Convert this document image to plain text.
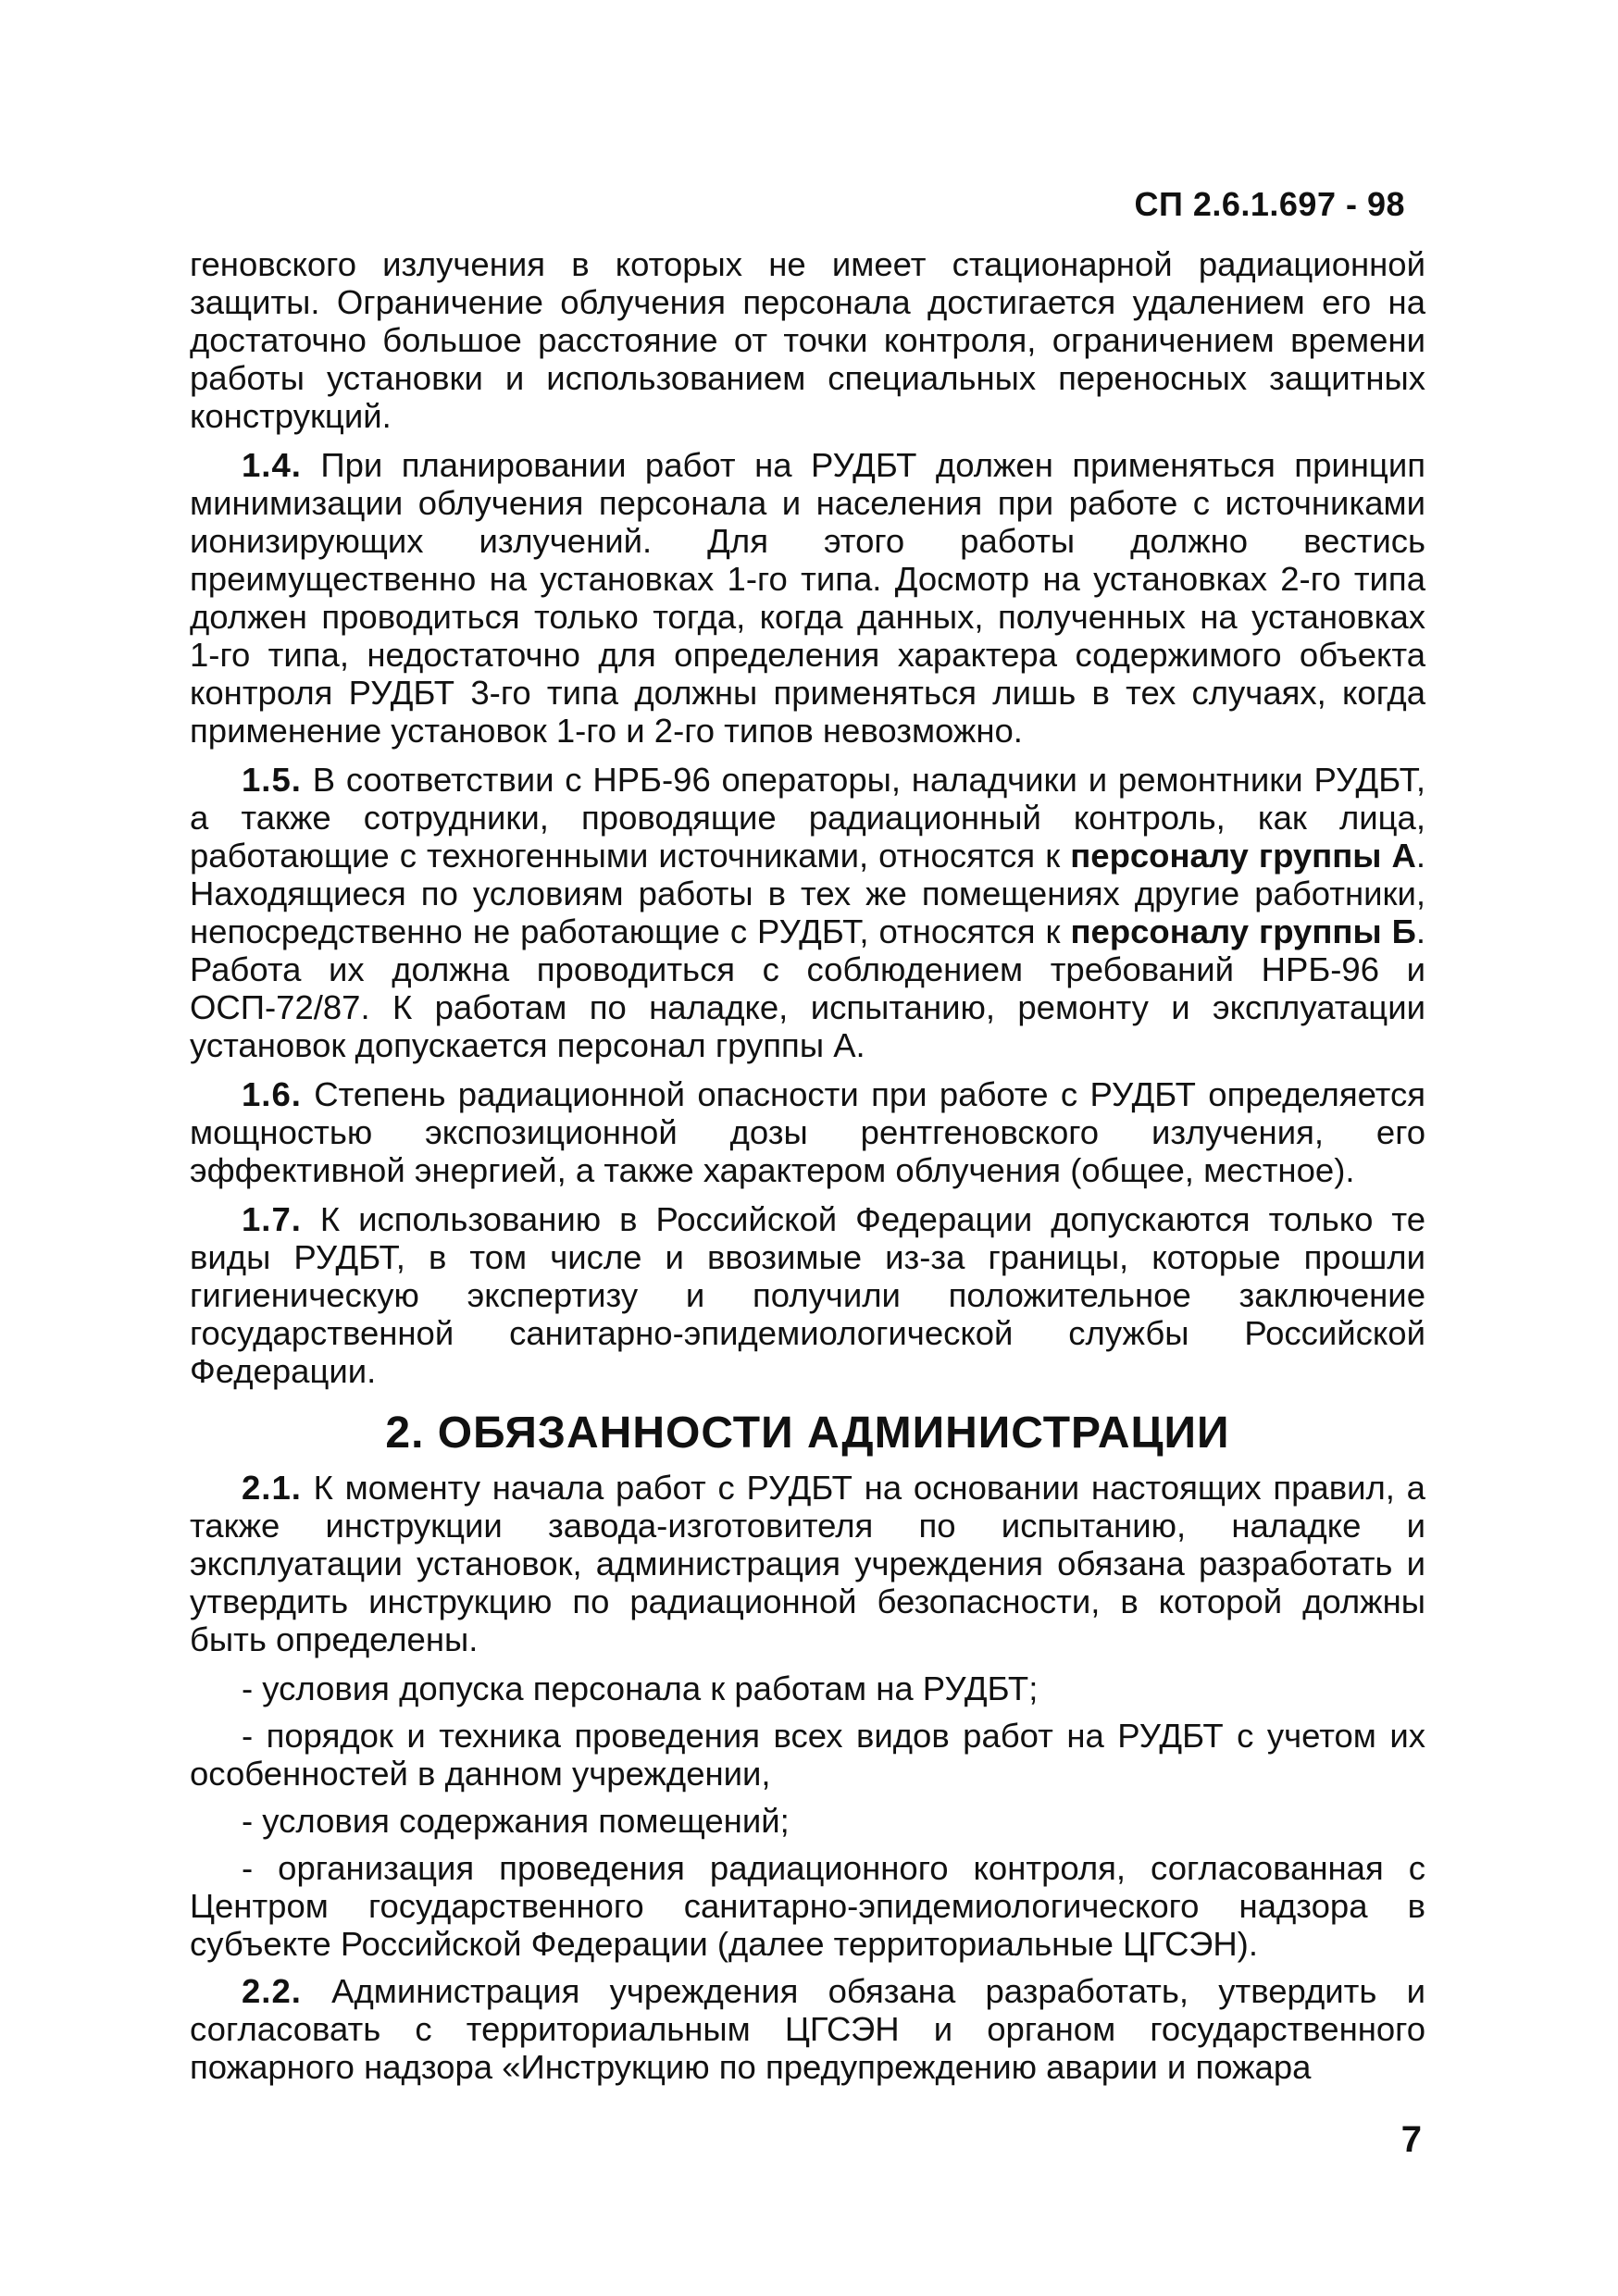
СП 2.6.1.697 - 98

геновского излучения в которых не имеет стационарной радиационной защиты. Ограничение облучения персонала достигается удалением его на достаточно большое расстояние от точки контроля, ограничением времени работы установки и использованием специальных переносных защитных конструкций.

1.4. При планировании работ на РУДБТ должен применяться принцип минимизации облучения персонала и населения при работе с источниками ионизирующих излучений. Для этого работы должно вестись преимущественно на установках 1-го типа. Досмотр на установках 2-го типа должен проводиться только тогда, когда данных, полученных на установках 1-го типа, недостаточно для определения характера содержимого объекта контроля РУДБТ 3-го типа должны применяться лишь в тех случаях, когда применение установок 1-го и 2-го типов невозможно.

1.5. В соответствии с НРБ-96 операторы, наладчики и ремонтники РУДБТ, а также сотрудники, проводящие радиационный контроль, как лица, работающие с техногенными источниками, относятся к персоналу группы А. Находящиеся по условиям работы в тех же помещениях другие работники, непосредственно не работающие с РУДБТ, относятся к персоналу группы Б. Работа их должна проводиться с соблюдением требований НРБ-96 и ОСП-72/87. К работам по наладке, испытанию, ремонту и эксплуатации установок допускается персонал группы А.

1.6. Степень радиационной опасности при работе с РУДБТ определяется мощностью экспозиционной дозы рентгеновского излучения, его эффективной энергией, а также характером облучения (общее, местное).

1.7. К использованию в Российской Федерации допускаются только те виды РУДБТ, в том числе и ввозимые из-за границы, которые прошли гигиеническую экспертизу и получили положительное заключение государственной санитарно-эпидемиологической службы Российской Федерации.

2. ОБЯЗАННОСТИ АДМИНИСТРАЦИИ

2.1. К моменту начала работ с РУДБТ на основании настоящих правил, а также инструкции завода-изготовителя по испытанию, наладке и эксплуатации установок, администрация учреждения обязана разработать и утвердить инструкцию по радиационной безопасности, в которой должны быть определены.

- условия допуска персонала к работам на РУДБТ;

- порядок и техника проведения всех видов работ на РУДБТ с учетом их особенностей в данном учреждении,

- условия содержания помещений;

- организация проведения радиационного контроля, согласованная с Центром государственного санитарно-эпидемиологического надзора в субъекте Российской Федерации (далее территориальные ЦГСЭН).

2.2. Администрация учреждения обязана разработать, утвердить и согласовать с территориальным ЦГСЭН и органом государственного пожарного надзора «Инструкцию по предупреждению аварии и пожара

7
